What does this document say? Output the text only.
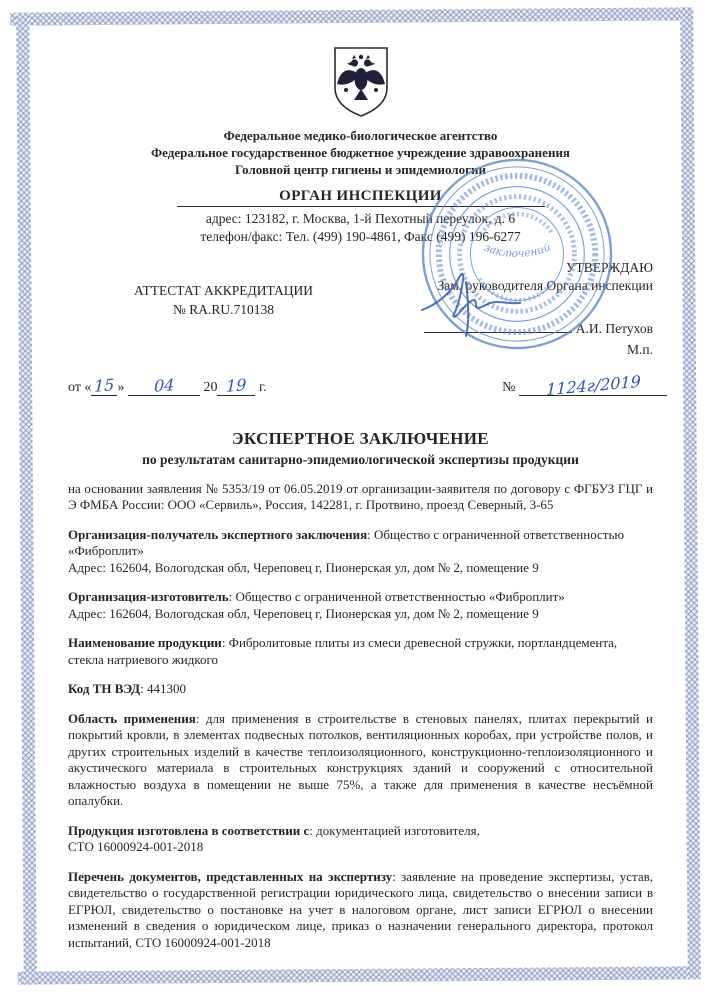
Федеральное медико-биологическое агентство
Федеральное государственное бюджетное учреждение здравоохранения
Головной центр гигиены и эпидемиологии
ОРГАН ИНСПЕКЦИИ
адрес: 123182, г. Москва, 1-й Пехотный переулок, д. 6
телефон/факс: Тел. (499) 190-4861, Факс (499) 196-6277
АТТЕСТАТ АККРЕДИТАЦИИ
№ RA.RU.710138
УТВЕРЖДАЮ
Зам. руководителя Органа инспекции
А.И. Петухов
М.п.
от « 15 » 04 20 19 г.	№ 1124г/2019
ЭКСПЕРТНОЕ ЗАКЛЮЧЕНИЕ
по результатам санитарно-эпидемиологической экспертизы продукции
на основании заявления № 5353/19 от 06.05.2019 от организации-заявителя по договору с ФГБУЗ ГЦГ и Э ФМБА России: ООО «Сервиль», Россия, 142281, г. Протвино, проезд Северный, 3-65
Организация-получатель экспертного заключения: Общество с ограниченной ответственностью «Фиброплит»
Адрес: 162604, Вологодская обл, Череповец г, Пионерская ул, дом № 2, помещение 9
Организация-изготовитель: Общество с ограниченной ответственностью «Фиброплит»
Адрес: 162604, Вологодская обл, Череповец г, Пионерская ул, дом № 2, помещение 9
Наименование продукции: Фибролитовые плиты из смеси древесной стружки, портландцемента, стекла натриевого жидкого
Код ТН ВЭД: 441300
Область применения: для применения в строительстве в стеновых панелях, плитах перекрытий и покрытий кровли, в элементах подвесных потолков, вентиляционных коробах, при устройстве полов, и других строительных изделий в качестве теплоизоляционного, конструкционно-теплоизоляционного и акустического материала в строительных конструкциях зданий и сооружений с относительной влажностью воздуха в помещении не выше 75%, а также для применения в качестве несъёмной опалубки.
Продукция изготовлена в соответствии с: документацией изготовителя,
СТО 16000924-001-2018
Перечень документов, представленных на экспертизу: заявление на проведение экспертизы, устав, свидетельство о государственной регистрации юридического лица, свидетельство о внесении записи в ЕГРЮЛ, свидетельство о постановке на учет в налоговом органе, лист записи ЕГРЮЛ о внесении изменений в сведения о юридическом лице, приказ о назначении генерального директора, протокол испытаний, СТО 16000924-001-2018
заключений
